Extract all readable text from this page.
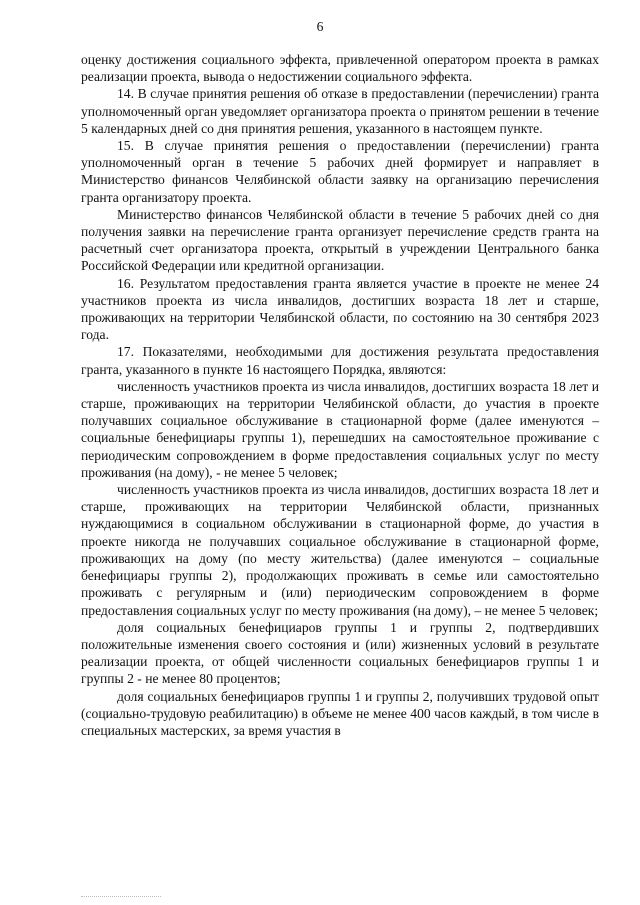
6

оценку достижения социального эффекта, привлеченной оператором проекта в рамках реализации проекта, вывода о недостижении социального эффекта.

14. В случае принятия решения об отказе в предоставлении (перечислении) гранта уполномоченный орган уведомляет организатора проекта о принятом решении в течение 5 календарных дней со дня принятия решения, указанного в настоящем пункте.

15. В случае принятия решения о предоставлении (перечислении) гранта уполномоченный орган в течение 5 рабочих дней формирует и направляет в Министерство финансов Челябинской области заявку на организацию перечисления гранта организатору проекта.

Министерство финансов Челябинской области в течение 5 рабочих дней со дня получения заявки на перечисление гранта организует перечисление средств гранта на расчетный счет организатора проекта, открытый в учреждении Центрального банка Российской Федерации или кредитной организации.

16. Результатом предоставления гранта является участие в проекте не менее 24 участников проекта из числа инвалидов, достигших возраста 18 лет и старше, проживающих на территории Челябинской области, по состоянию на 30 сентября 2023 года.

17. Показателями, необходимыми для достижения результата предоставления гранта, указанного в пункте 16 настоящего Порядка, являются:

численность участников проекта из числа инвалидов, достигших возраста 18 лет и старше, проживающих на территории Челябинской области, до участия в проекте получавших социальное обслуживание в стационарной форме (далее именуются – социальные бенефициары группы 1), перешедших на самостоятельное проживание с периодическим сопровождением в форме предоставления социальных услуг по месту проживания (на дому), - не менее 5 человек;

численность участников проекта из числа инвалидов, достигших возраста 18 лет и старше, проживающих на территории Челябинской области, признанных нуждающимися в социальном обслуживании в стационарной форме, до участия в проекте никогда не получавших социальное обслуживание в стационарной форме, проживающих на дому (по месту жительства) (далее именуются – социальные бенефициары группы 2), продолжающих проживать в семье или самостоятельно проживать с регулярным и (или) периодическим сопровождением в форме предоставления социальных услуг по месту проживания (на дому), – не менее 5 человек;

доля социальных бенефициаров группы 1 и группы 2, подтвердивших положительные изменения своего состояния и (или) жизненных условий в результате реализации проекта, от общей численности социальных бенефициаров группы 1 и группы 2 - не менее 80 процентов;

доля социальных бенефициаров группы 1 и группы 2, получивших трудовой опыт (социально-трудовую реабилитацию) в объеме не менее 400 часов каждый, в том числе в специальных мастерских, за время участия в
